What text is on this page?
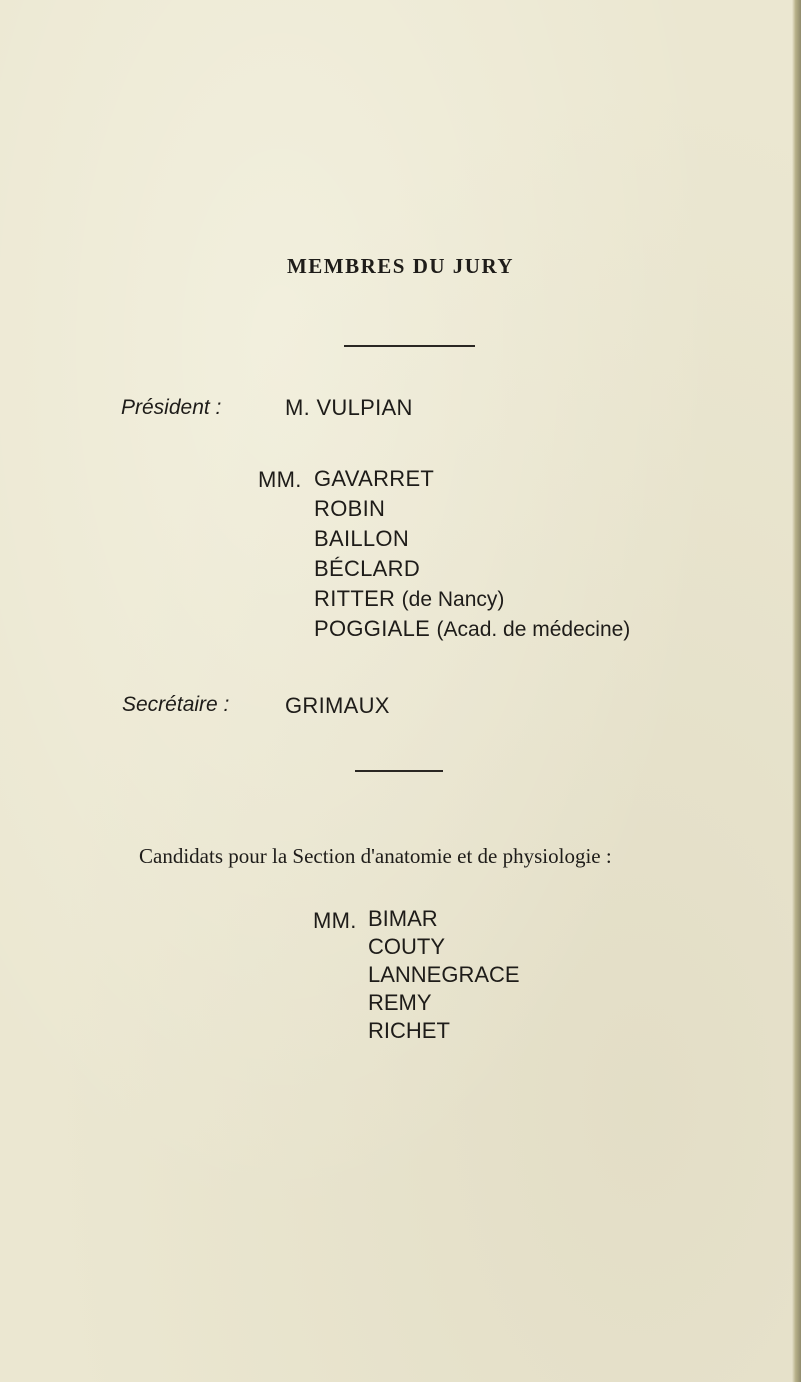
MEMBRES DU JURY
Président :	M. VULPIAN
MM. GAVARRET
ROBIN
BAILLON
BÉCLARD
RITTER (de Nancy)
POGGIALE (Acad. de médecine)
Secrétaire :	GRIMAUX
Candidats pour la Section d'anatomie et de physiologie :
MM. BIMAR
COUTY
LANNEGRACE
REMY
RICHET
